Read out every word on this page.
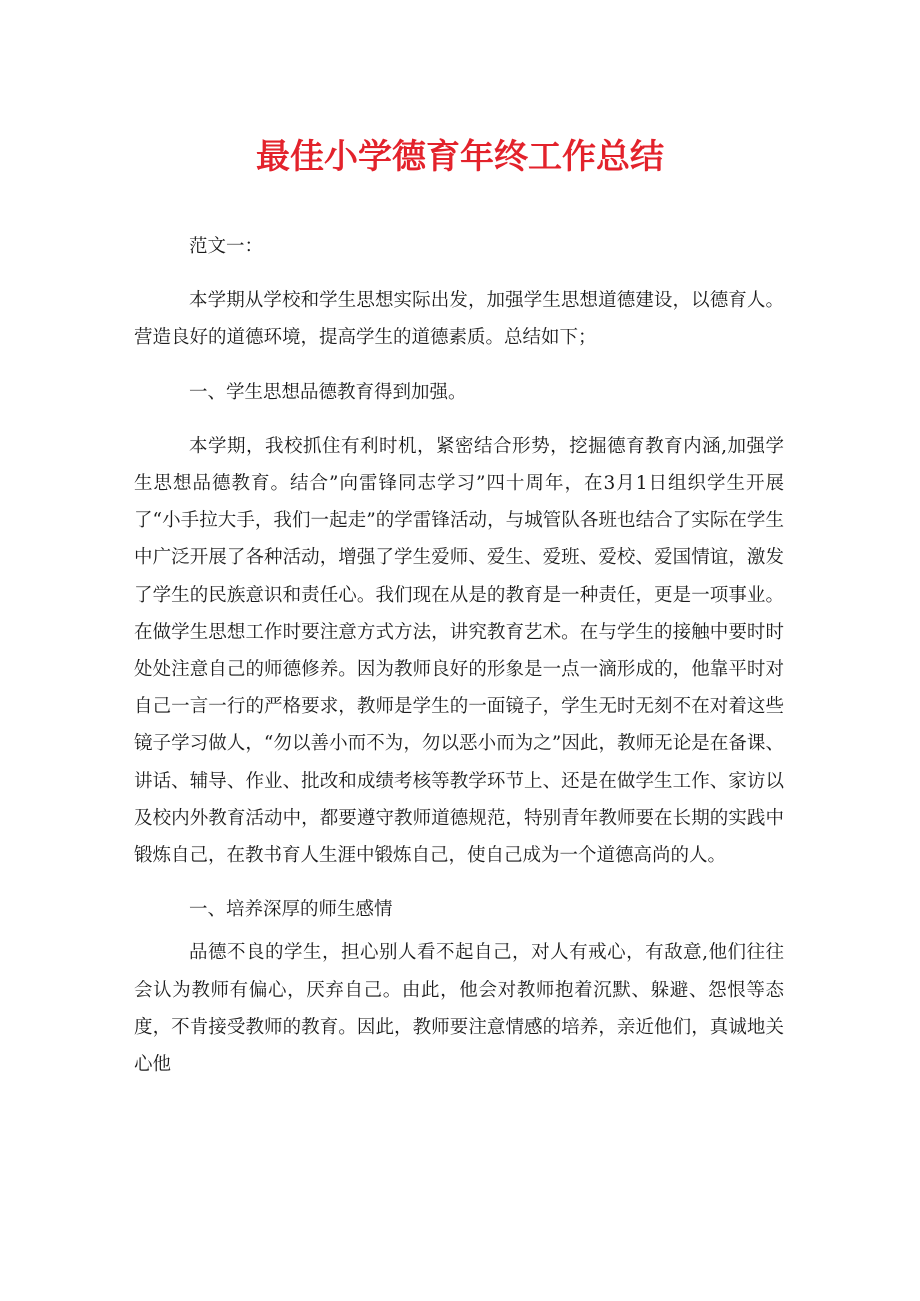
最佳小学德育年终工作总结

范文一：

本学期从学校和学生思想实际出发，加强学生思想道德建设，以德育人。营造良好的道德环境，提高学生的道德素质。总结如下；

一、学生思想品德教育得到加强。

本学期，我校抓住有利时机，紧密结合形势，挖掘德育教育内涵,加强学生思想品德教育。结合”向雷锋同志学习”四十周年，在3月1日组织学生开展了“小手拉大手，我们一起走”的学雷锋活动，与城管队各班也结合了实际在学生中广泛开展了各种活动，增强了学生爱师、爱生、爱班、爱校、爱国情谊，激发了学生的民族意识和责任心。我们现在从是的教育是一种责任，更是一项事业。在做学生思想工作时要注意方式方法，讲究教育艺术。在与学生的接触中要时时处处注意自己的师德修养。因为教师良好的形象是一点一滴形成的，他靠平时对自己一言一行的严格要求，教师是学生的一面镜子，学生无时无刻不在对着这些镜子学习做人，“勿以善小而不为，勿以恶小而为之”因此，教师无论是在备课、讲话、辅导、作业、批改和成绩考核等教学环节上、还是在做学生工作、家访以及校内外教育活动中，都要遵守教师道德规范，特别青年教师要在长期的实践中锻炼自己，在教书育人生涯中锻炼自己，使自己成为一个道德高尚的人。

一、培养深厚的师生感情

品德不良的学生，担心别人看不起自己，对人有戒心，有敌意,他们往往会认为教师有偏心，厌弃自己。由此，他会对教师抱着沉默、躲避、怨恨等态度，不肯接受教师的教育。因此，教师要注意情感的培养，亲近他们，真诚地关心他
